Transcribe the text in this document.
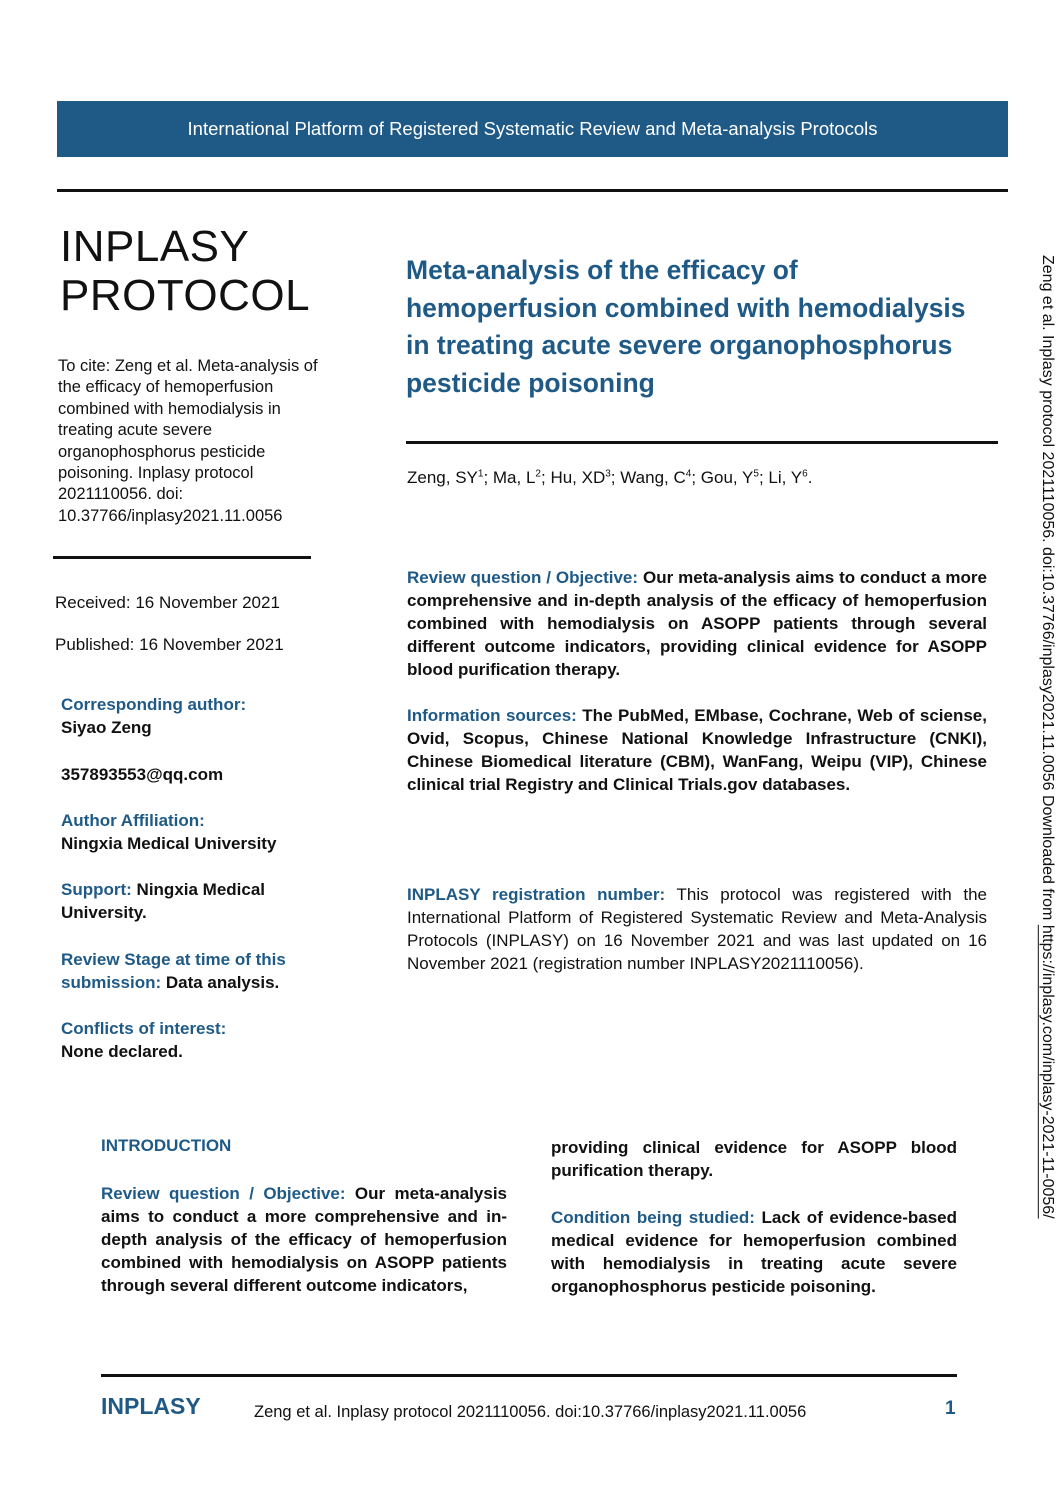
International Platform of Registered Systematic Review and Meta-analysis Protocols
INPLASY
PROTOCOL
To cite: Zeng et al. Meta-analysis of the efficacy of hemoperfusion combined with hemodialysis in treating acute severe organophosphorus pesticide poisoning. Inplasy protocol 2021110056. doi: 10.37766/inplasy2021.11.0056
Received: 16 November 2021
Published: 16 November 2021
Corresponding author:
Siyao Zeng
357893553@qq.com
Author Affiliation:
Ningxia Medical University
Support: Ningxia Medical University.
Review Stage at time of this submission: Data analysis.
Conflicts of interest:
None declared.
Meta-analysis of the efficacy of hemoperfusion combined with hemodialysis in treating acute severe organophosphorus pesticide poisoning
Zeng, $SY^1$; Ma, $L^2$; Hu, $XD^3$; Wang, $C^4$; Gou, $Y^5$; Li, $Y^6$.
Review question / Objective: Our meta-analysis aims to conduct a more comprehensive and in-depth analysis of the efficacy of hemoperfusion combined with hemodialysis on ASOPP patients through several different outcome indicators, providing clinical evidence for ASOPP blood purification therapy.
Information sources: The PubMed, EMbase, Cochrane, Web of sciense, Ovid, Scopus, Chinese National Knowledge Infrastructure (CNKI), Chinese Biomedical literature (CBM), WanFang, Weipu (VIP), Chinese clinical trial Registry and Clinical Trials.gov databases.
INPLASY registration number: This protocol was registered with the International Platform of Registered Systematic Review and Meta-Analysis Protocols (INPLASY) on 16 November 2021 and was last updated on 16 November 2021 (registration number INPLASY2021110056).
INTRODUCTION
Review question / Objective: Our meta-analysis aims to conduct a more comprehensive and in-depth analysis of the efficacy of hemoperfusion combined with hemodialysis on ASOPP patients through several different outcome indicators,
providing clinical evidence for ASOPP blood purification therapy.
Condition being studied: Lack of evidence-based medical evidence for hemoperfusion combined with hemodialysis in treating acute severe organophosphorus pesticide poisoning.
Zeng et al. Inplasy protocol 2021110056. doi:10.37766/inplasy2021.11.0056 Downloaded from https://inplasy.com/inplasy-2021-11-0056/
INPLASY	Zeng et al. Inplasy protocol 2021110056. doi:10.37766/inplasy2021.11.0056	1
